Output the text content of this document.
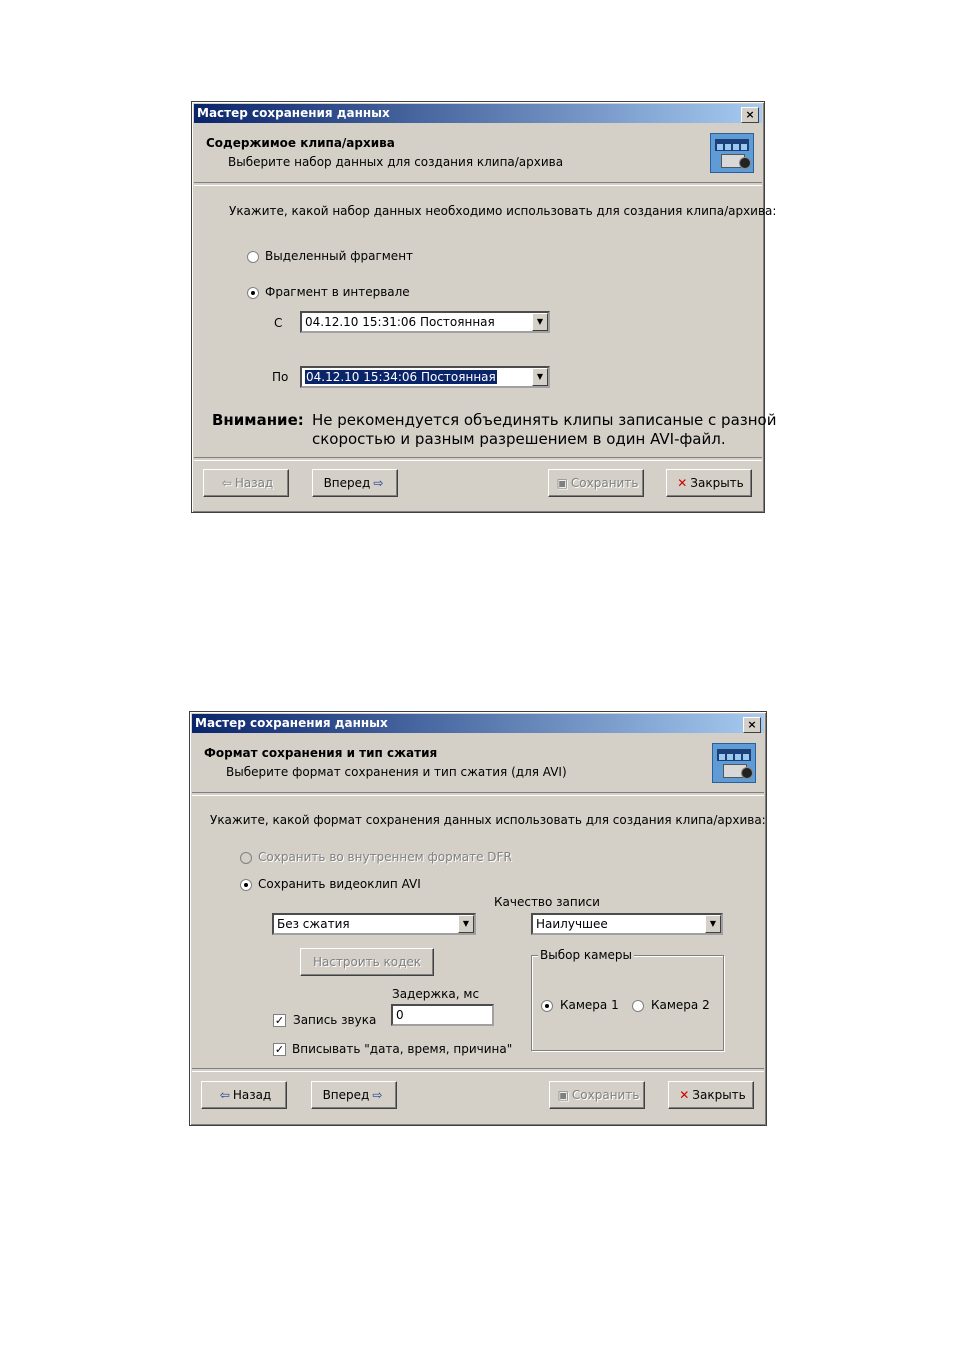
Мастер сохранения данных	×
Содержимое клипа/архива
Выберите набор данных для создания клипа/архива
Укажите, какой набор данных необходимо использовать для создания клипа/архива:
Выделенный фрагмент
Фрагмент в интервале
С 04.12.10 15:31:06 Постоянная	▼
По 04.12.10 15:34:06 Постоянная	▼
Внимание: Не рекомендуется объединять клипы записаные с разной
скоростью и разным разрешением в один AVI-файл.
⇦ Назад	Вперед ⇨	▣ Сохранить	✕ Закрыть
Мастер сохранения данных	×
Формат сохранения и тип сжатия
Выберите формат сохранения и тип сжатия (для AVI)
Укажите, какой формат сохранения данных использовать для создания клипа/архива:
Сохранить во внутреннем формате DFR
Сохранить видеоклип AVI
Качество записи
Без сжатия	▼	Наилучшее	▼
Настроить кодек	Выбор камеры
Камера 1	Камера 2
Задержка, мс
0
✓ Запись звука
✓ Вписывать "дата, время, причина"
⇦ Назад	Вперед ⇨	▣ Сохранить	✕ Закрыть
